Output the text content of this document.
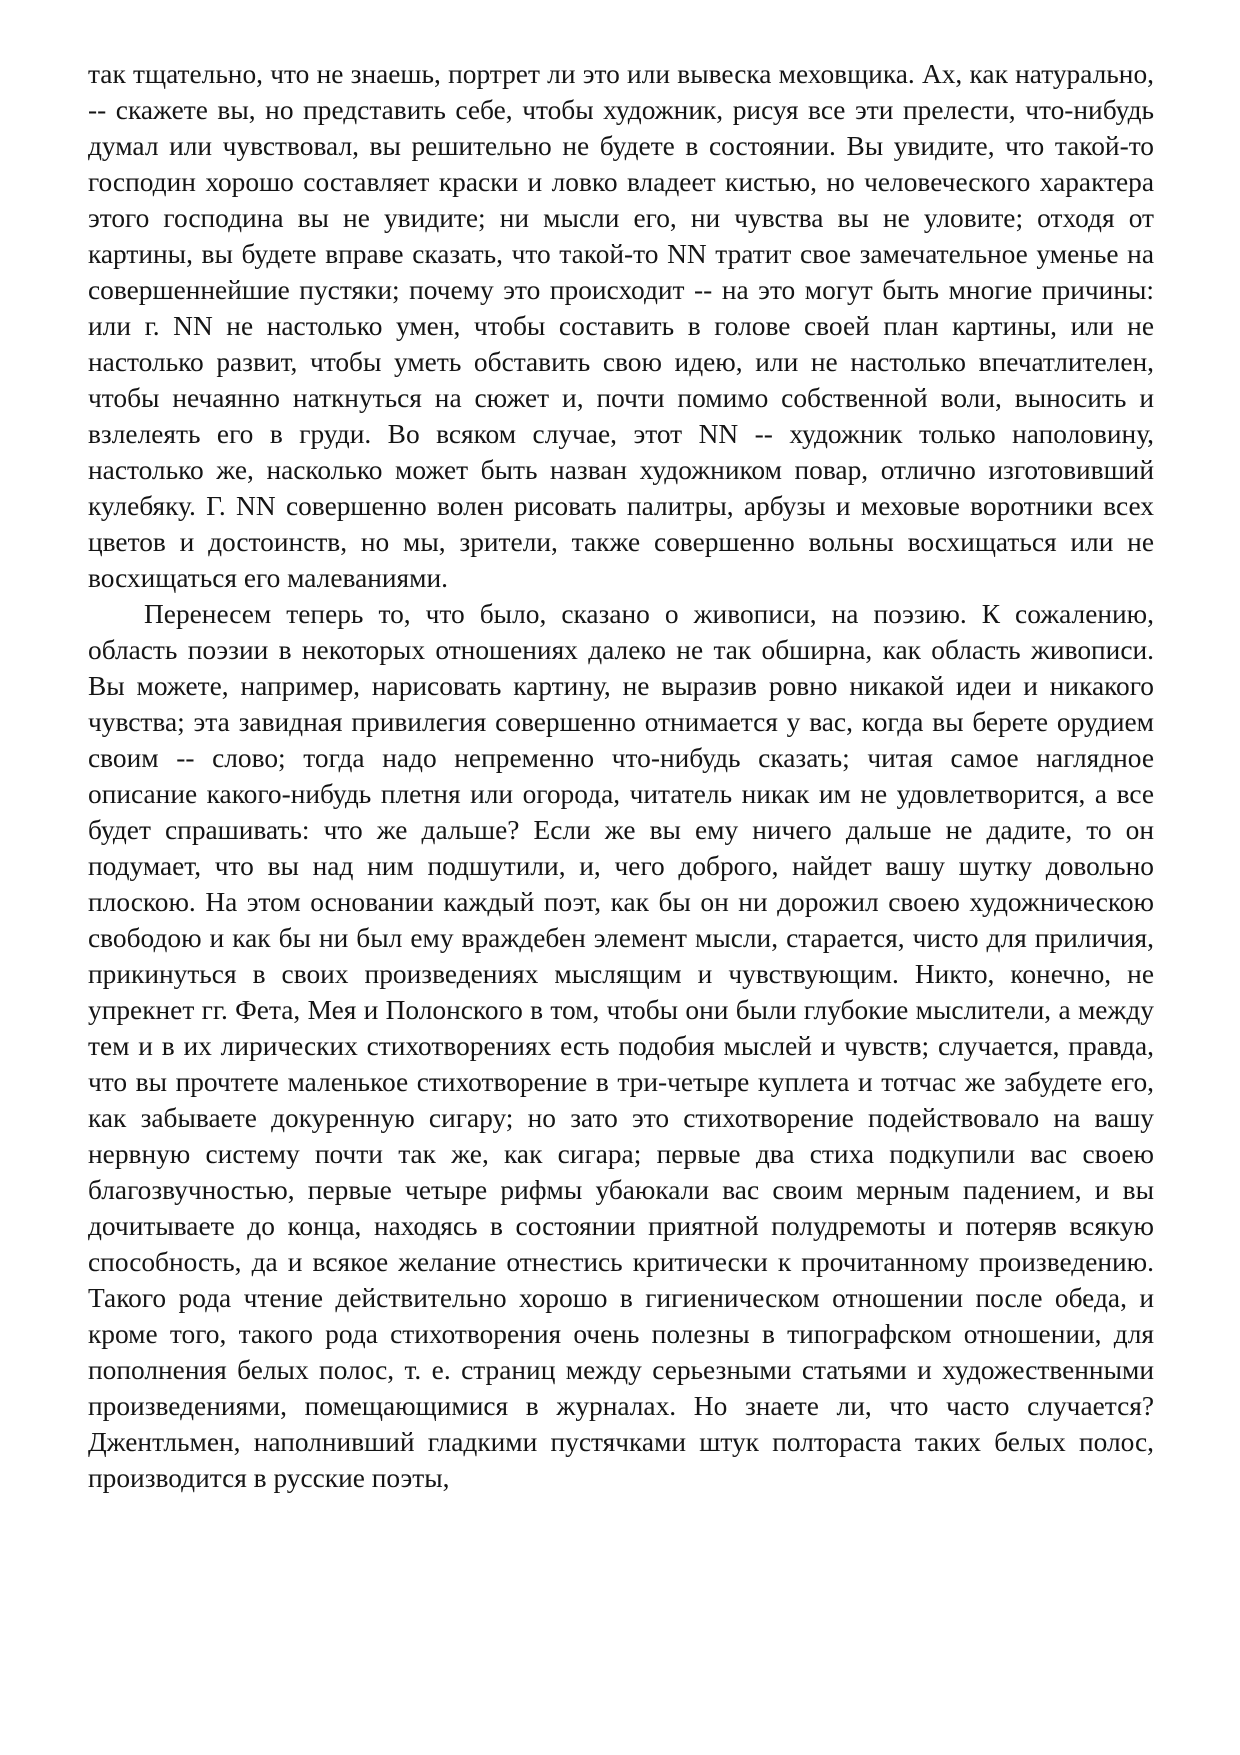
так тщательно, что не знаешь, портрет ли это или вывеска меховщика. Ах, как натурально, -- скажете вы, но представить себе, чтобы художник, рисуя все эти прелести, что-нибудь думал или чувствовал, вы решительно не будете в состоянии. Вы увидите, что такой-то господин хорошо составляет краски и ловко владеет кистью, но человеческого характера этого господина вы не увидите; ни мысли его, ни чувства вы не уловите; отходя от картины, вы будете вправе сказать, что такой-то NN тратит свое замечательное уменье на совершеннейшие пустяки; почему это происходит -- на это могут быть многие причины: или г. NN не настолько умен, чтобы составить в голове своей план картины, или не настолько развит, чтобы уметь обставить свою идею, или не настолько впечатлителен, чтобы нечаянно наткнуться на сюжет и, почти помимо собственной воли, выносить и взлелеять его в груди. Во всяком случае, этот NN -- художник только наполовину, настолько же, насколько может быть назван художником повар, отлично изготовивший кулебяку. Г. NN совершенно волен рисовать палитры, арбузы и меховые воротники всех цветов и достоинств, но мы, зрители, также совершенно вольны восхищаться или не восхищаться его малеваниями.

Перенесем теперь то, что было, сказано о живописи, на поэзию. К сожалению, область поэзии в некоторых отношениях далеко не так обширна, как область живописи. Вы можете, например, нарисовать картину, не выразив ровно никакой идеи и никакого чувства; эта завидная привилегия совершенно отнимается у вас, когда вы берете орудием своим -- слово; тогда надо непременно что-нибудь сказать; читая самое наглядное описание какого-нибудь плетня или огорода, читатель никак им не удовлетворится, а все будет спрашивать: что же дальше? Если же вы ему ничего дальше не дадите, то он подумает, что вы над ним подшутили, и, чего доброго, найдет вашу шутку довольно плоскою. На этом основании каждый поэт, как бы он ни дорожил своею художническою свободою и как бы ни был ему враждебен элемент мысли, старается, чисто для приличия, прикинуться в своих произведениях мыслящим и чувствующим. Никто, конечно, не упрекнет гг. Фета, Мея и Полонского в том, чтобы они были глубокие мыслители, а между тем и в их лирических стихотворениях есть подобия мыслей и чувств; случается, правда, что вы прочтете маленькое стихотворение в три-четыре куплета и тотчас же забудете его, как забываете докуренную сигару; но зато это стихотворение подействовало на вашу нервную систему почти так же, как сигара; первые два стиха подкупили вас своею благозвучностью, первые четыре рифмы убаюкали вас своим мерным падением, и вы дочитываете до конца, находясь в состоянии приятной полудремоты и потеряв всякую способность, да и всякое желание отнестись критически к прочитанному произведению. Такого рода чтение действительно хорошо в гигиеническом отношении после обеда, и кроме того, такого рода стихотворения очень полезны в типографском отношении, для пополнения белых полос, т. е. страниц между серьезными статьями и художественными произведениями, помещающимися в журналах. Но знаете ли, что часто случается? Джентльмен, наполнивший гладкими пустячками штук полтораста таких белых полос, производится в русские поэты,
